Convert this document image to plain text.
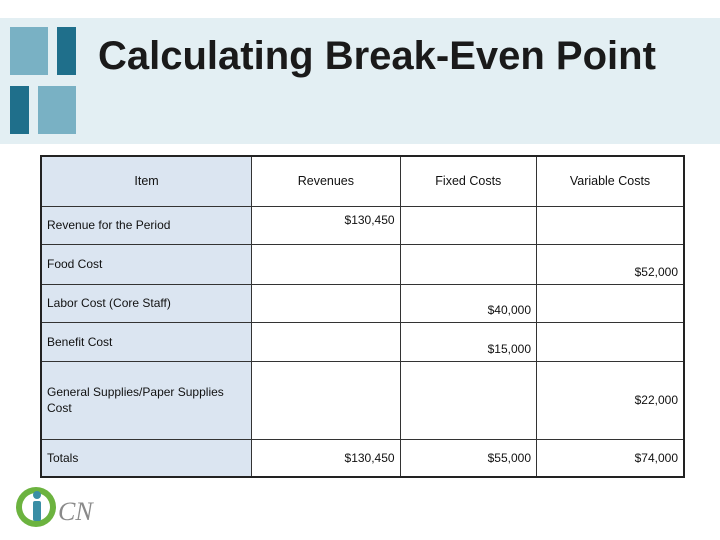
Calculating Break-Even Point
Item	Revenues	Fixed Costs	Variable Costs
Revenue for the Period	$130,450		
Food Cost			$52,000
Labor Cost (Core Staff)		$40,000	
Benefit Cost		$15,000	
General Supplies/Paper Supplies Cost			$22,000
Totals	$130,450	$55,000	$74,000
CN
